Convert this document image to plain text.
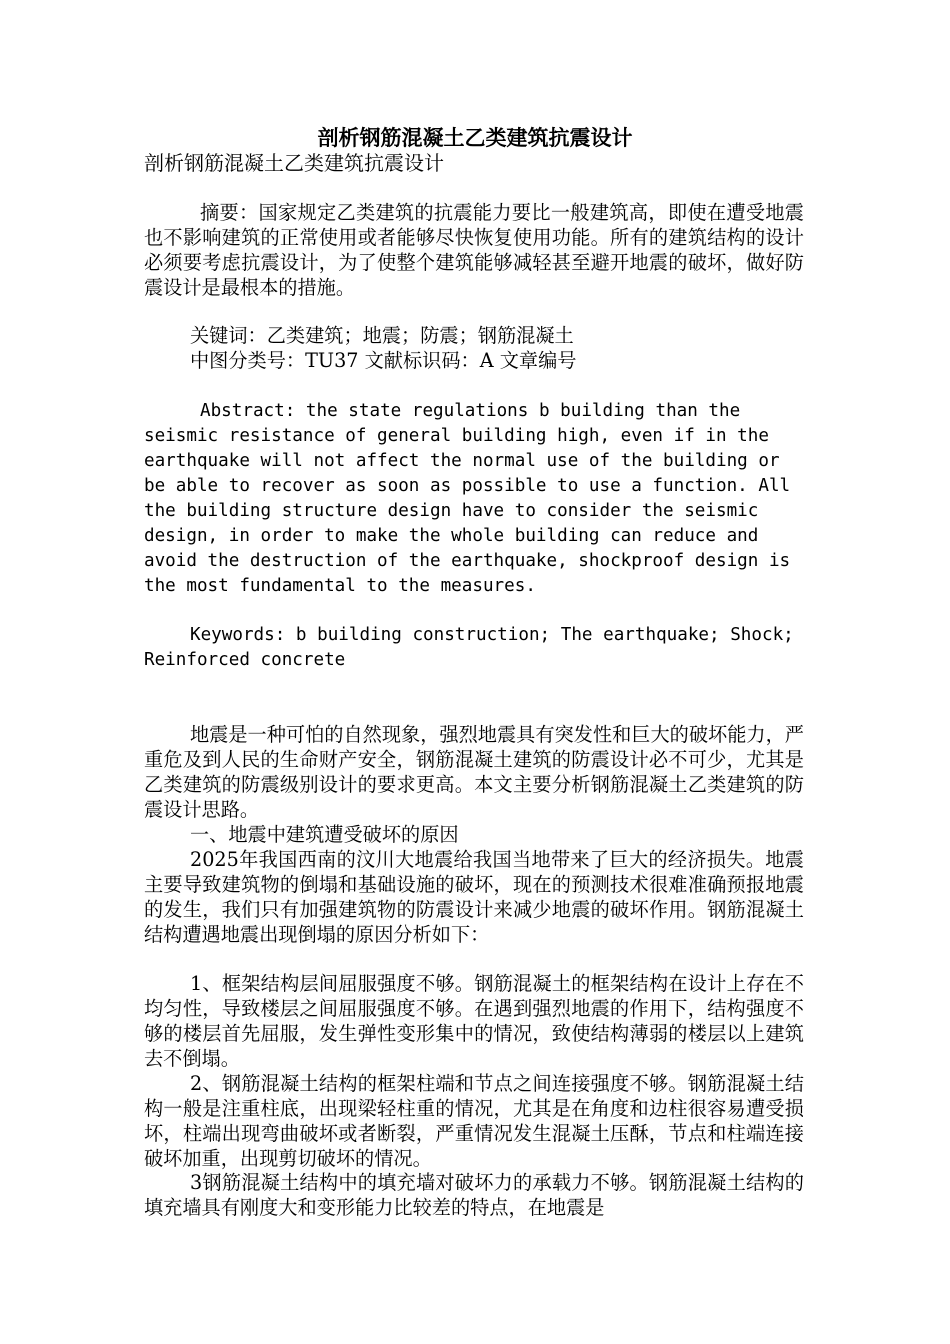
剖析钢筋混凝土乙类建筑抗震设计
剖析钢筋混凝土乙类建筑抗震设计

摘要：国家规定乙类建筑的抗震能力要比一般建筑高，即使在遭受地震也不影响建筑的正常使用或者能够尽快恢复使用功能。所有的建筑结构的设计必须要考虑抗震设计，为了使整个建筑能够减轻甚至避开地震的破坏，做好防震设计是最根本的措施。

关键词：乙类建筑；地震；防震；钢筋混凝土

中图分类号：TU37 文献标识码：A 文章编号

Abstract: the state regulations b building than the seismic resistance of general building high, even if in the earthquake will not affect the normal use of the building or be able to recover as soon as possible to use a function. All the building structure design have to consider the seismic design, in order to make the whole building can reduce and avoid the destruction of the earthquake, shockproof design is the most fundamental to the measures.

Keywords: b building construction; The earthquake; Shock; Reinforced concrete

地震是一种可怕的自然现象，强烈地震具有突发性和巨大的破坏能力，严重危及到人民的生命财产安全，钢筋混凝土建筑的防震设计必不可少，尤其是乙类建筑的防震级别设计的要求更高。本文主要分析钢筋混凝土乙类建筑的防震设计思路。

一、地震中建筑遭受破坏的原因

2025年我国西南的汶川大地震给我国当地带来了巨大的经济损失。地震主要导致建筑物的倒塌和基础设施的破坏，现在的预测技术很难准确预报地震的发生，我们只有加强建筑物的防震设计来减少地震的破坏作用。钢筋混凝土结构遭遇地震出现倒塌的原因分析如下：

1、框架结构层间屈服强度不够。钢筋混凝土的框架结构在设计上存在不均匀性，导致楼层之间屈服强度不够。在遇到强烈地震的作用下，结构强度不够的楼层首先屈服，发生弹性变形集中的情况，致使结构薄弱的楼层以上建筑去不倒塌。

2、钢筋混凝土结构的框架柱端和节点之间连接强度不够。钢筋混凝土结构一般是注重柱底，出现梁轻柱重的情况，尤其是在角度和边柱很容易遭受损坏，柱端出现弯曲破坏或者断裂，严重情况发生混凝土压酥，节点和柱端连接破坏加重，出现剪切破坏的情况。

3钢筋混凝土结构中的填充墙对破坏力的承载力不够。钢筋混凝土结构的填充墙具有刚度大和变形能力比较差的特点，在地震是
